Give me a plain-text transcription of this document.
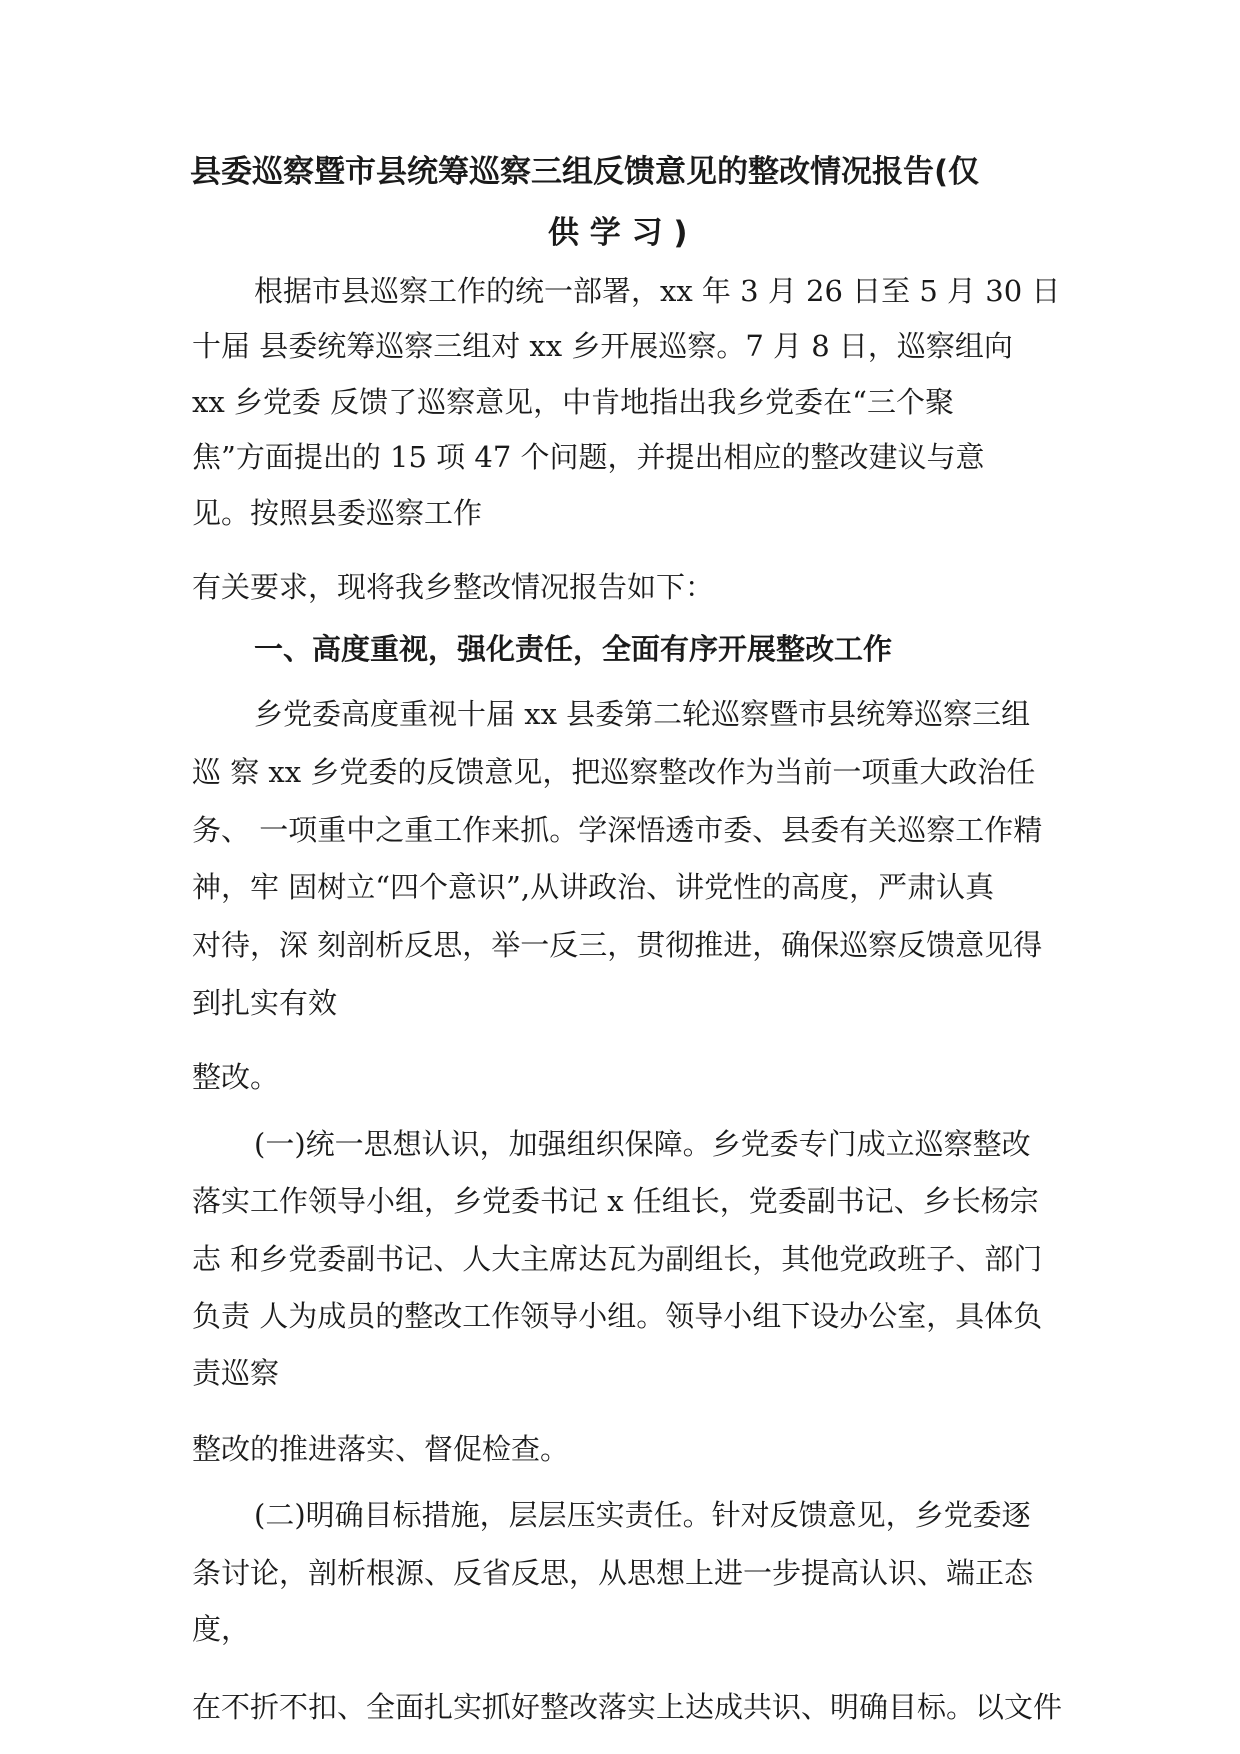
县委巡察暨市县统筹巡察三组反馈意见的整改情况报告(仅
供 学 习 )
根据市县巡察工作的统一部署，xx 年 3 月 26 日至 5 月 30 日
十届 县委统筹巡察三组对 xx 乡开展巡察。7 月 8 日，巡察组向
xx 乡党委 反馈了巡察意见，中肯地指出我乡党委在“三个聚
焦”方面提出的 15 项 47 个问题，并提出相应的整改建议与意
见。按照县委巡察工作
有关要求，现将我乡整改情况报告如下：
一、高度重视，强化责任，全面有序开展整改工作
乡党委高度重视十届 xx 县委第二轮巡察暨市县统筹巡察三组
巡 察 xx 乡党委的反馈意见，把巡察整改作为当前一项重大政治任
务、 一项重中之重工作来抓。学深悟透市委、县委有关巡察工作精
神，牢 固树立“四个意识”,从讲政治、讲党性的高度，严肃认真
对待，深 刻剖析反思，举一反三，贯彻推进，确保巡察反馈意见得
到扎实有效
整改。
(一)统一思想认识，加强组织保障。乡党委专门成立巡察整改
落实工作领导小组，乡党委书记 x 任组长，党委副书记、乡长杨宗
志 和乡党委副书记、人大主席达瓦为副组长，其他党政班子、部门
负责 人为成员的整改工作领导小组。领导小组下设办公室，具体负
责巡察
整改的推进落实、督促检查。
(二)明确目标措施，层层压实责任。针对反馈意见，乡党委逐
条讨论，剖析根源、反省反思，从思想上进一步提高认识、端正态
度，
在不折不扣、全面扎实抓好整改落实上达成共识、明确目标。以文件
